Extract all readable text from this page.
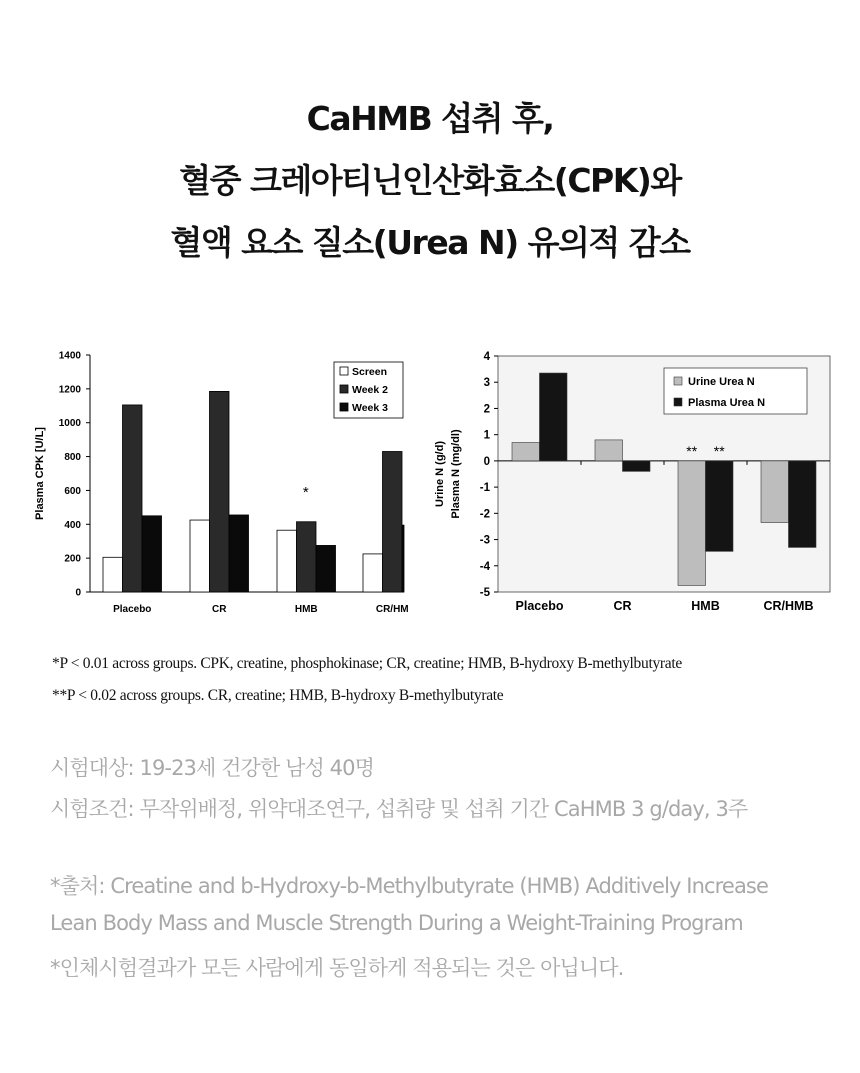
CaHMB 섭취 후,
혈중 크레아티닌인산화효소(CPK)와
혈액 요소 질소(Urea N) 유의적 감소
0
200
400
600
800
1000
1200
1400
Plasma CPK [U/L]
Placebo	CR	HMB	CR/HM
*
Screen
Week 2
Week 3
4
3
2
1
0
-1
-2
-3
-4
-5
Urine N (g/d) Plasma N (mg/dl)
Placebo	CR	HMB	CR/HMB
** **
Urine Urea N
Plasma Urea N
*P < 0.01 across groups. CPK, creatine, phosphokinase; CR, creatine; HMB, B-hydroxy B-methylbutyrate
**P < 0.02 across groups. CR, creatine; HMB, B-hydroxy B-methylbutyrate
시험대상: 19-23세 건강한 남성 40명
시험조건: 무작위배정, 위약대조연구, 섭취량 및 섭취 기간 CaHMB 3 g/day, 3주
*출처: Creatine and b-Hydroxy-b-Methylbutyrate (HMB) Additively Increase
Lean Body Mass and Muscle Strength During a Weight-Training Program
*인체시험결과가 모든 사람에게 동일하게 적용되는 것은 아닙니다.
